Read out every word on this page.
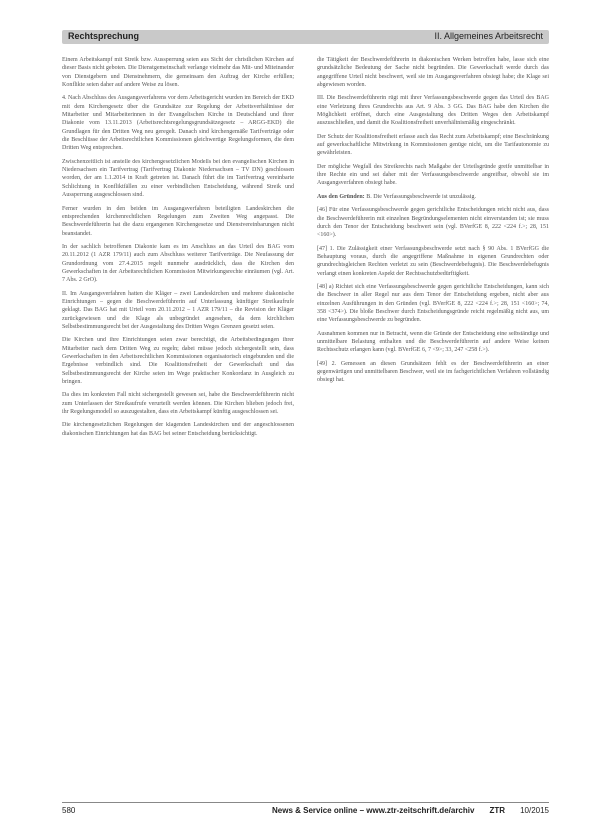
Rechtsprechung	II. Allgemeines Arbeitsrecht

Einem Arbeitskampf mit Streik bzw. Aussperrung seien aus Sicht der christlichen Kirchen auf dieser Basis nicht geboten. Die Dienstgemeinschaft verlange vielmehr das Mit- und Miteinander von Dienstgebern und Dienstnehmern, die gemeinsam den Auftrag der Kirche erfüllen; Konflikte seien daher auf andere Weise zu lösen.

4. Nach Abschluss des Ausgangsverfahrens vor dem Arbeitsgericht wurden im Bereich der EKD mit dem Kirchengesetz über die Grundsätze zur Regelung der Arbeitsverhältnisse der Mitarbeiter und Mitarbeiterinnen in der Evangelischen Kirche in Deutschland und ihrer Diakonie vom 13.11.2013 (Arbeitsrechtsregelungsgrundsätzegesetz – ARGG-EKD) die Grundlagen für den Dritten Weg neu geregelt. Danach sind kirchengemäße Tarifverträge oder die Beschlüsse der Arbeitsrechtlichen Kommissionen gleichwertige Regelungsformen, die dem Dritten Weg entsprechen.

Zwischenzeitlich ist anstelle des kirchengesetzlichen Modells bei den evangelischen Kirchen in Niedersachsen ein Tarifvertrag (Tarifvertrag Diakonie Niedersachsen – TV DN) geschlossen worden, der am 1.1.2014 in Kraft getreten ist. Danach führt die im Tarifvertrag vereinbarte Schlichtung in Konfliktfällen zu einer verbindlichen Entscheidung, während Streik und Aussperrung ausgeschlossen sind.

Ferner wurden in den beiden im Ausgangsverfahren beteiligten Landeskirchen die entsprechenden kirchenrechtlichen Regelungen zum Zweiten Weg angepasst. Die Beschwerdeführerin hat die dazu ergangenen Kirchengesetze und Dienstvereinbarungen nicht beanstandet.

In der sachlich betroffenen Diakonie kam es im Anschluss an das Urteil des BAG vom 20.11.2012 (1 AZR 179/11) auch zum Abschluss weiterer Tarifverträge. Die Neufassung der Grundordnung vom 27.4.2015 regelt nunmehr ausdrücklich, dass die Kirchen den Gewerkschaften in der Arbeitsrechtlichen Kommission Mitwirkungsrechte einräumen (vgl. Art. 7 Abs. 2 GrO).

II. Im Ausgangsverfahren hatten die Kläger – zwei Landeskirchen und mehrere diakonische Einrichtungen – gegen die Beschwerdeführerin auf Unterlassung künftiger Streikaufrufe geklagt. Das BAG hat mit Urteil vom 20.11.2012 – 1 AZR 179/11 – die Revision der Kläger zurückgewiesen und die Klage als unbegründet angesehen, da dem kirchlichen Selbstbestimmungsrecht bei der Ausgestaltung des Dritten Weges Grenzen gesetzt seien.

Die Kirchen und ihre Einrichtungen seien zwar berechtigt, die Arbeitsbedingungen ihrer Mitarbeiter nach dem Dritten Weg zu regeln; dabei müsse jedoch sichergestellt sein, dass Gewerkschaften in den Arbeitsrechtlichen Kommissionen organisatorisch eingebunden und die Ergebnisse verbindlich sind. Die Koalitionsfreiheit der Gewerkschaft und das Selbstbestimmungsrecht der Kirche seien im Wege praktischer Konkordanz in Ausgleich zu bringen.

Da dies im konkreten Fall nicht sichergestellt gewesen sei, habe die Beschwerdeführerin nicht zum Unterlassen der Streikaufrufe verurteilt werden können. Die Kirchen blieben jedoch frei, ihr Regelungsmodell so auszugestalten, dass ein Arbeitskampf künftig ausgeschlossen sei.

Die kirchengesetzlichen Regelungen der klagenden Landeskirchen und der angeschlossenen diakonischen Einrichtungen hat das BAG bei seiner Entscheidung berücksichtigt.

die Tätigkeit der Beschwerdeführerin in diakonischen Werken betroffen habe, lasse sich eine grundsätzliche Bedeutung der Sache nicht begründen. Die Gewerkschaft werde durch das angegriffene Urteil nicht beschwert, weil sie im Ausgangsverfahren obsiegt habe; die Klage sei abgewiesen worden.

III. Die Beschwerdeführerin rügt mit ihrer Verfassungsbeschwerde gegen das Urteil des BAG eine Verletzung ihres Grundrechts aus Art. 9 Abs. 3 GG. Das BAG habe den Kirchen die Möglichkeit eröffnet, durch eine Ausgestaltung des Dritten Weges den Arbeitskampf auszuschließen, und damit die Koalitionsfreiheit unverhältnismäßig eingeschränkt.

Der Schutz der Koalitionsfreiheit erfasse auch das Recht zum Arbeitskampf; eine Beschränkung auf gewerkschaftliche Mitwirkung in Kommissionen genüge nicht, um die Tarifautonomie zu gewährleisten.

Der mögliche Wegfall des Streikrechts nach Maßgabe der Urteilsgründe greife unmittelbar in ihre Rechte ein und sei daher mit der Verfassungsbeschwerde angreifbar, obwohl sie im Ausgangsverfahren obsiegt habe.

Aus den Gründen: B. Die Verfassungsbeschwerde ist unzulässig.

[46] Für eine Verfassungsbeschwerde gegen gerichtliche Entscheidungen reicht nicht aus, dass die Beschwerdeführerin mit einzelnen Begründungselementen nicht einverstanden ist; sie muss durch den Tenor der Entscheidung beschwert sein (vgl. BVerfGE 8, 222 <224 f.>; 28, 151 <160>).

[47] 1. Die Zulässigkeit einer Verfassungsbeschwerde setzt nach § 90 Abs. 1 BVerfGG die Behauptung voraus, durch die angegriffene Maßnahme in eigenen Grundrechten oder grundrechtsgleichen Rechten verletzt zu sein (Beschwerdebefugnis). Die Beschwerdebefugnis verlangt einen konkreten Aspekt der Rechtsschutzbedürftigkeit.

[48] a) Richtet sich eine Verfassungsbeschwerde gegen gerichtliche Entscheidungen, kann sich die Beschwer in aller Regel nur aus dem Tenor der Entscheidung ergeben, nicht aber aus einzelnen Ausführungen in den Gründen (vgl. BVerfGE 8, 222 <224 f.>; 28, 151 <160>; 74, 358 <374>). Die bloße Beschwer durch Entscheidungsgründe reicht regelmäßig nicht aus, um eine Verfassungsbeschwerde zu begründen.

Ausnahmen kommen nur in Betracht, wenn die Gründe der Entscheidung eine selbständige und unmittelbare Belastung enthalten und die Beschwerdeführerin auf andere Weise keinen Rechtsschutz erlangen kann (vgl. BVerfGE 6, 7 <9>; 33, 247 <258 f.>).

[49] 2. Gemessen an diesen Grundsätzen fehlt es der Beschwerdeführerin an einer gegenwärtigen und unmittelbaren Beschwer, weil sie im fachgerichtlichen Verfahren vollständig obsiegt hat.

580	News & Service online – www.ztr-zeitschrift.de/archiv ZTR 10/2015
